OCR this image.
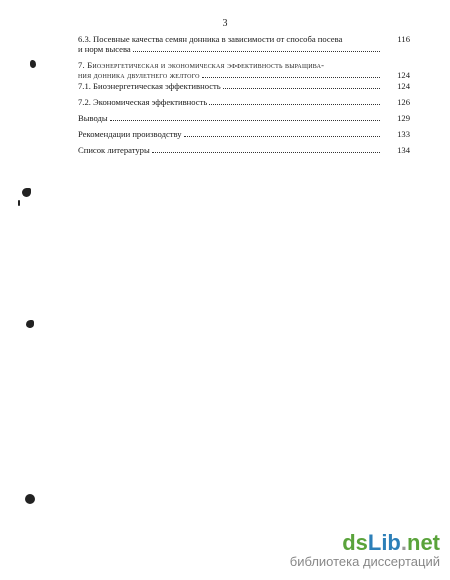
3
6.3. Посевные качества семян донника в зависимости от способа посева	116
и норм высева
7. Биоэнергетическая и экономическая эффективность выращива-
ния донника двулетнего желтого	124
7.1. Биоэнергетическая эффективность	124
7.2. Экономическая эффективность	126
Выводы	129
Рекомендации производству	133
Список литературы	134
dsLib.net
библиотека диссертаций
